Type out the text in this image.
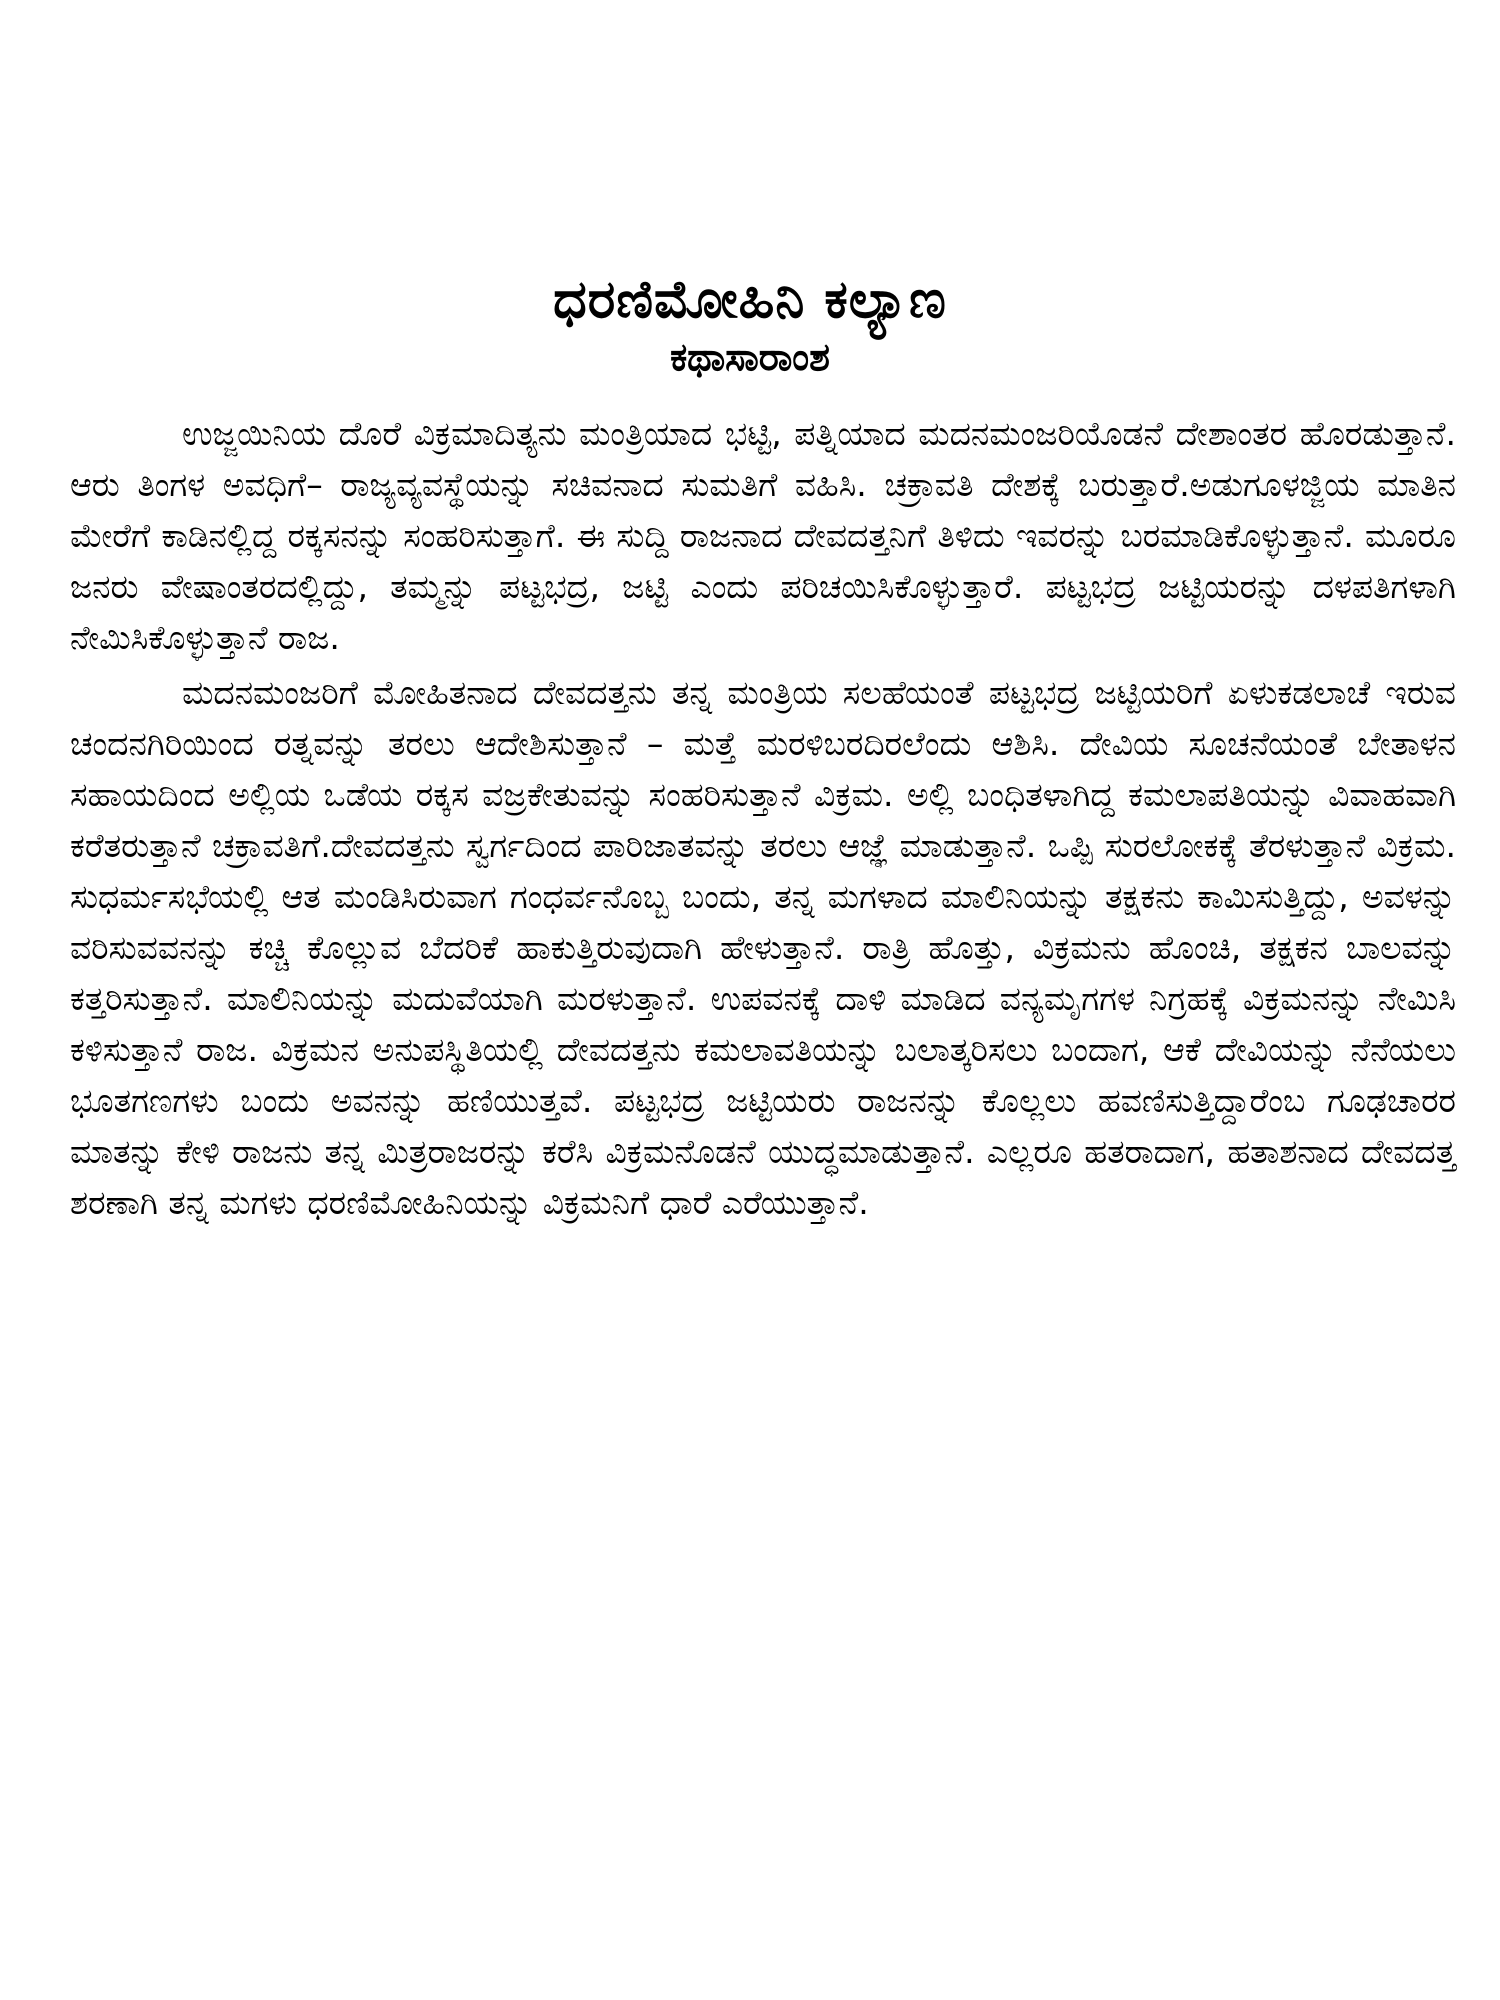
ಧರಣಿಮೋಹಿನಿ ಕಲ್ಯಾಣ
ಕಥಾಸಾರಾಂಶ

ಉಜ್ಜಯಿನಿಯ ದೊರೆ ವಿಕ್ರಮಾದಿತ್ಯನು ಮಂತ್ರಿಯಾದ ಭಟ್ಟಿ, ಪತ್ನಿಯಾದ ಮದನಮಂಜರಿಯೊಡನೆ ದೇಶಾಂತರ ಹೊರಡುತ್ತಾನೆ. ಆರು ತಿಂಗಳ ಅವಧಿಗೆ– ರಾಜ್ಯವ್ಯವಸ್ಥೆಯನ್ನು ಸಚಿವನಾದ ಸುಮತಿಗೆ ವಹಿಸಿ. ಚಕ್ರಾವತಿ ದೇಶಕ್ಕೆ ಬರುತ್ತಾರೆ.ಅಡುಗೂಳಜ್ಜಿಯ ಮಾತಿನ ಮೇರೆಗೆ ಕಾಡಿನಲ್ಲಿದ್ದ ರಕ್ಕಸನನ್ನು ಸಂಹರಿಸುತ್ತಾಗೆ. ಈ ಸುದ್ದಿ ರಾಜನಾದ ದೇವದತ್ತನಿಗೆ ತಿಳಿದು ಇವರನ್ನು ಬರಮಾಡಿಕೊಳ್ಳುತ್ತಾನೆ. ಮೂರೂ ಜನರು ವೇಷಾಂತರದಲ್ಲಿದ್ದು, ತಮ್ಮನ್ನು ಪಟ್ಟಭದ್ರ, ಜಟ್ಟಿ ಎಂದು ಪರಿಚಯಿಸಿಕೊಳ್ಳುತ್ತಾರೆ. ಪಟ್ಟಭದ್ರ ಜಟ್ಟಿಯರನ್ನು ದಳಪತಿಗಳಾಗಿ ನೇಮಿಸಿಕೊಳ್ಳುತ್ತಾನೆ ರಾಜ.

ಮದನಮಂಜರಿಗೆ ಮೋಹಿತನಾದ ದೇವದತ್ತನು ತನ್ನ ಮಂತ್ರಿಯ ಸಲಹೆಯಂತೆ ಪಟ್ಟಭದ್ರ ಜಟ್ಟಿಯರಿಗೆ ಏಳುಕಡಲಾಚೆ ಇರುವ ಚಂದನಗಿರಿಯಿಂದ ರತ್ನವನ್ನು ತರಲು ಆದೇಶಿಸುತ್ತಾನೆ – ಮತ್ತೆ ಮರಳಿಬರದಿರಲೆಂದು ಆಶಿಸಿ. ದೇವಿಯ ಸೂಚನೆಯಂತೆ ಬೇತಾಳನ ಸಹಾಯದಿಂದ ಅಲ್ಲಿಯ ಒಡೆಯ ರಕ್ಕಸ ವಜ್ರಕೇತುವನ್ನು ಸಂಹರಿಸುತ್ತಾನೆ ವಿಕ್ರಮ. ಅಲ್ಲಿ ಬಂಧಿತಳಾಗಿದ್ದ ಕಮಲಾಪತಿಯನ್ನು ವಿವಾಹವಾಗಿ ಕರೆತರುತ್ತಾನೆ ಚಕ್ರಾವತಿಗೆ.ದೇವದತ್ತನು ಸ್ವರ್ಗದಿಂದ ಪಾರಿಜಾತವನ್ನು ತರಲು ಆಜ್ಞೆ ಮಾಡುತ್ತಾನೆ. ಒಪ್ಪಿ ಸುರಲೋಕಕ್ಕೆ ತೆರಳುತ್ತಾನೆ ವಿಕ್ರಮ. ಸುಧರ್ಮಸಭೆಯಲ್ಲಿ ಆತ ಮಂಡಿಸಿರುವಾಗ ಗಂಧರ್ವನೊಬ್ಬ ಬಂದು, ತನ್ನ ಮಗಳಾದ ಮಾಲಿನಿಯನ್ನು ತಕ್ಷಕನು ಕಾಮಿಸುತ್ತಿದ್ದು, ಅವಳನ್ನು ವರಿಸುವವನನ್ನು ಕಚ್ಚಿ ಕೊಲ್ಲುವ ಬೆದರಿಕೆ ಹಾಕುತ್ತಿರುವುದಾಗಿ ಹೇಳುತ್ತಾನೆ. ರಾತ್ರಿ ಹೊತ್ತು, ವಿಕ್ರಮನು ಹೊಂಚಿ, ತಕ್ಷಕನ ಬಾಲವನ್ನು ಕತ್ತರಿಸುತ್ತಾನೆ. ಮಾಲಿನಿಯನ್ನು ಮದುವೆಯಾಗಿ ಮರಳುತ್ತಾನೆ. ಉಪವನಕ್ಕೆ ದಾಳಿ ಮಾಡಿದ ವನ್ಯಮೃಗಗಳ ನಿಗ್ರಹಕ್ಕೆ ವಿಕ್ರಮನನ್ನು ನೇಮಿಸಿ ಕಳಿಸುತ್ತಾನೆ ರಾಜ. ವಿಕ್ರಮನ ಅನುಪಸ್ಥಿತಿಯಲ್ಲಿ ದೇವದತ್ತನು ಕಮಲಾವತಿಯನ್ನು ಬಲಾತ್ಕರಿಸಲು ಬಂದಾಗ, ಆಕೆ ದೇವಿಯನ್ನು ನೆನೆಯಲು ಭೂತಗಣಗಳು ಬಂದು ಅವನನ್ನು ಹಣಿಯುತ್ತವೆ. ಪಟ್ಟಭದ್ರ ಜಟ್ಟಿಯರು ರಾಜನನ್ನು ಕೊಲ್ಲಲು ಹವಣಿಸುತ್ತಿದ್ದಾರೆಂಬ ಗೂಢಚಾರರ ಮಾತನ್ನು ಕೇಳಿ ರಾಜನು ತನ್ನ ಮಿತ್ರರಾಜರನ್ನು ಕರೆಸಿ ವಿಕ್ರಮನೊಡನೆ ಯುದ್ಧಮಾಡುತ್ತಾನೆ. ಎಲ್ಲರೂ ಹತರಾದಾಗ, ಹತಾಶನಾದ ದೇವದತ್ತ ಶರಣಾಗಿ ತನ್ನ ಮಗಳು ಧರಣಿಮೋಹಿನಿಯನ್ನು ವಿಕ್ರಮನಿಗೆ ಧಾರೆ ಎರೆಯುತ್ತಾನೆ.
